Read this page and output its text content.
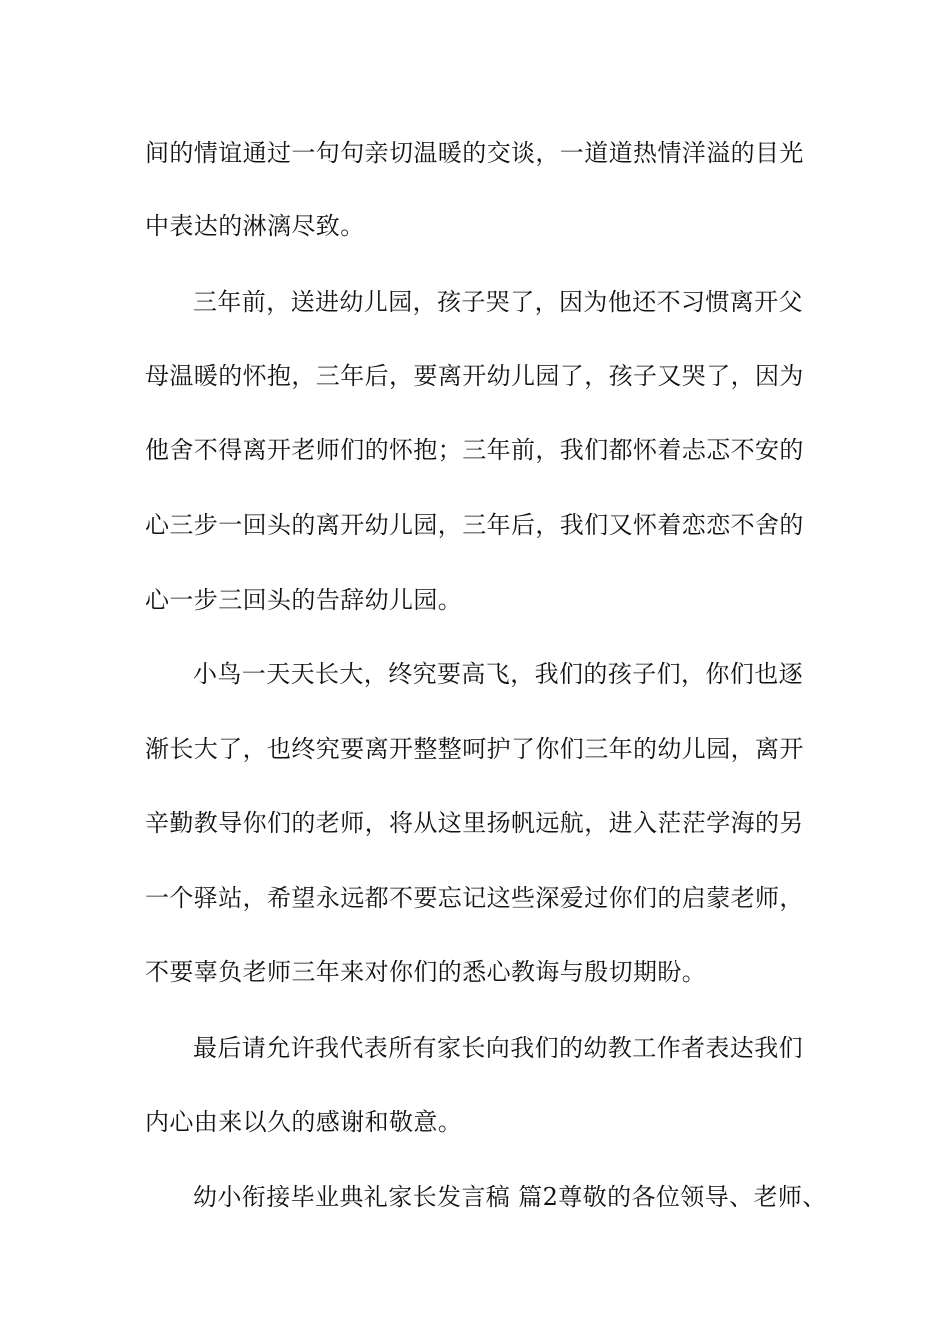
间的情谊通过一句句亲切温暖的交谈，一道道热情洋溢的目光
中表达的淋漓尽致。
三年前，送进幼儿园，孩子哭了，因为他还不习惯离开父
母温暖的怀抱，三年后，要离开幼儿园了，孩子又哭了，因为
他舍不得离开老师们的怀抱；三年前，我们都怀着忐忑不安的
心三步一回头的离开幼儿园，三年后，我们又怀着恋恋不舍的
心一步三回头的告辞幼儿园。
小鸟一天天长大，终究要高飞，我们的孩子们，你们也逐
渐长大了，也终究要离开整整呵护了你们三年的幼儿园，离开
辛勤教导你们的老师，将从这里扬帆远航，进入茫茫学海的另
一个驿站，希望永远都不要忘记这些深爱过你们的启蒙老师，
不要辜负老师三年来对你们的悉心教诲与殷切期盼。
最后请允许我代表所有家长向我们的幼教工作者表达我们
内心由来以久的感谢和敬意。
幼小衔接毕业典礼家长发言稿 篇2尊敬的各位领导、老师、
